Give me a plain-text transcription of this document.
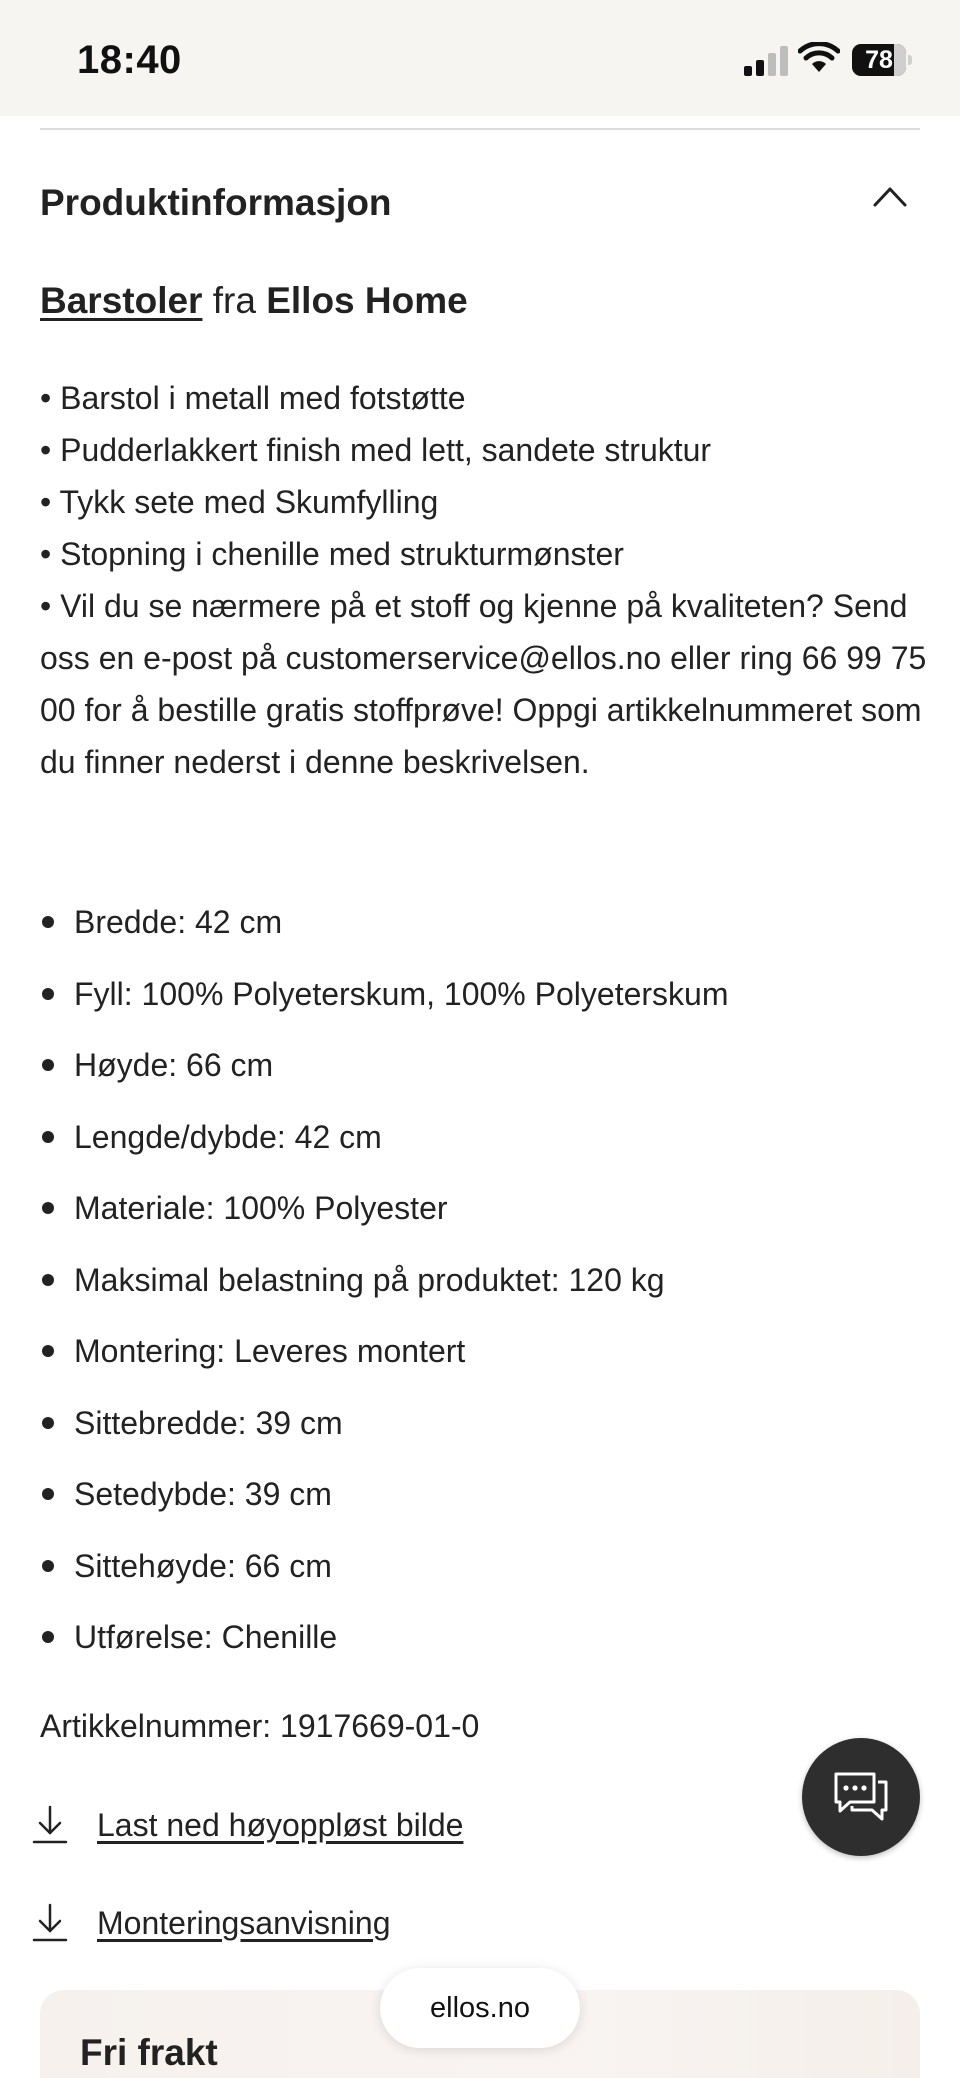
18:40	78
Produktinformasjon
Barstoler fra Ellos Home
• Barstol i metall med fotstøtte
• Pudderlakkert finish med lett, sandete struktur
• Tykk sete med Skumfylling
• Stopning i chenille med strukturmønster
• Vil du se nærmere på et stoff og kjenne på kvaliteten? Send oss en e-post på customerservice@ellos.no eller ring 66 99 75 00 for å bestille gratis stoffprøve! Oppgi artikkelnummeret som du finner nederst i denne beskrivelsen.
Bredde: 42 cm
Fyll: 100% Polyeterskum, 100% Polyeterskum
Høyde: 66 cm
Lengde/dybde: 42 cm
Materiale: 100% Polyester
Maksimal belastning på produktet: 120 kg
Montering: Leveres montert
Sittebredde: 39 cm
Setedybde: 39 cm
Sittehøyde: 66 cm
Utførelse: Chenille
Artikkelnummer: 1917669-01-0
Last ned høyoppløst bilde
Monteringsanvisning
Fri frakt
ellos.no
